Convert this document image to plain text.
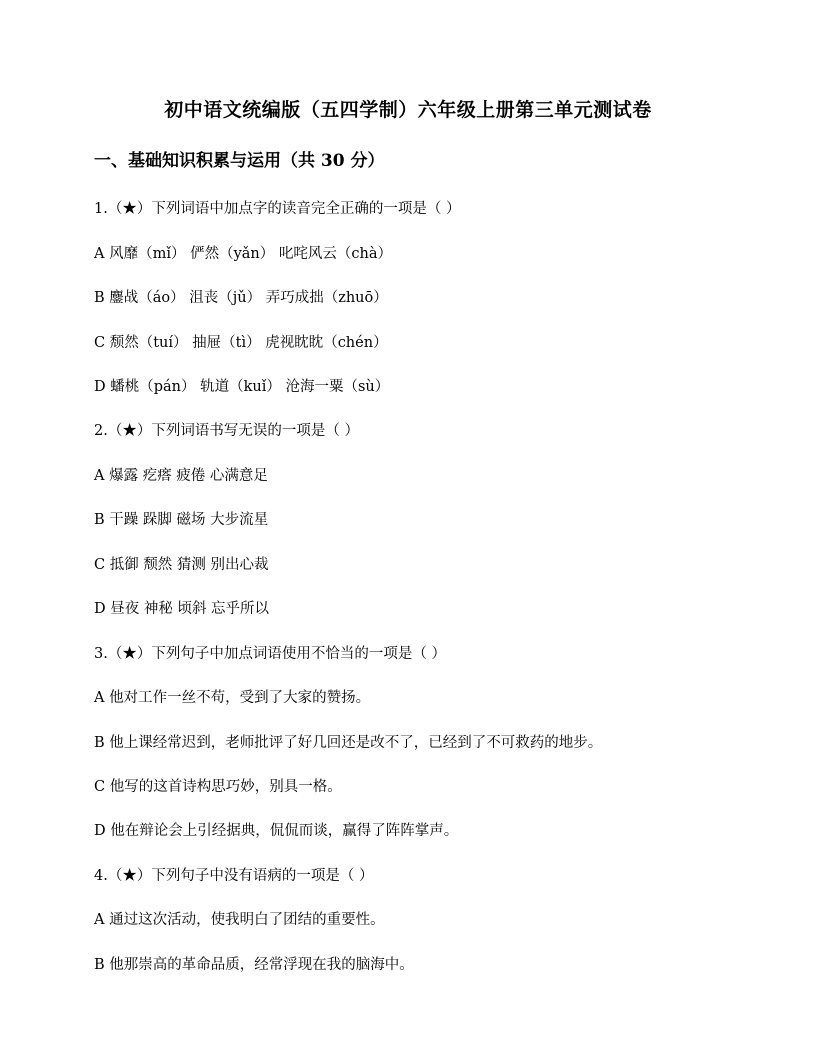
初中语文统编版（五四学制）六年级上册第三单元测试卷
一、基础知识积累与运用（共 30 分）

1.（★）下列词语中加点字的读音完全正确的一项是（ ）

A 风靡（mǐ） 俨然（yǎn） 叱咤风云（chà）

B 鏖战（áo） 沮丧（jǔ） 弄巧成拙（zhuō）

C 颓然（tuí） 抽屉（tì） 虎视眈眈（chén）

D 蟠桃（pán） 轨道（kuǐ） 沧海一粟（sù）

2.（★）下列词语书写无误的一项是（ ）

A 爆露 疙瘩 疲倦 心满意足

B 干躁 跺脚 磁场 大步流星

C 抵御 颓然 猜测 别出心裁

D 昼夜 神秘 顷斜 忘乎所以

3.（★）下列句子中加点词语使用不恰当的一项是（ ）

A 他对工作一丝不苟，受到了大家的赞扬。

B 他上课经常迟到，老师批评了好几回还是改不了，已经到了不可救药的地步。

C 他写的这首诗构思巧妙，别具一格。

D 他在辩论会上引经据典，侃侃而谈，赢得了阵阵掌声。

4.（★）下列句子中没有语病的一项是（ ）

A 通过这次活动，使我明白了团结的重要性。

B 他那崇高的革命品质，经常浮现在我的脑海中。
